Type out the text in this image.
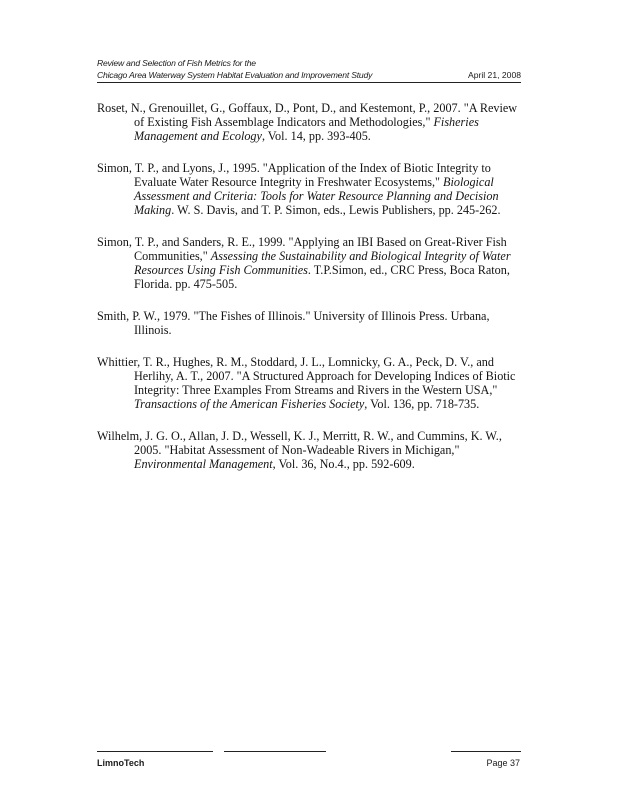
Review and Selection of Fish Metrics for the
Chicago Area Waterway System Habitat Evaluation and Improvement Study	April 21, 2008

Roset, N., Grenouillet, G., Goffaux, D., Pont, D., and Kestemont, P., 2007. "A Review of Existing Fish Assemblage Indicators and Methodologies," Fisheries Management and Ecology, Vol. 14, pp. 393-405.

Simon, T. P., and Lyons, J., 1995. "Application of the Index of Biotic Integrity to Evaluate Water Resource Integrity in Freshwater Ecosystems," Biological Assessment and Criteria: Tools for Water Resource Planning and Decision Making. W. S. Davis, and T. P. Simon, eds., Lewis Publishers, pp. 245-262.

Simon, T. P., and Sanders, R. E., 1999. "Applying an IBI Based on Great-River Fish Communities," Assessing the Sustainability and Biological Integrity of Water Resources Using Fish Communities. T.P.Simon, ed., CRC Press, Boca Raton, Florida. pp. 475-505.

Smith, P. W., 1979. "The Fishes of Illinois." University of Illinois Press. Urbana, Illinois.

Whittier, T. R., Hughes, R. M., Stoddard, J. L., Lomnicky, G. A., Peck, D. V., and Herlihy, A. T., 2007. "A Structured Approach for Developing Indices of Biotic Integrity: Three Examples From Streams and Rivers in the Western USA," Transactions of the American Fisheries Society, Vol. 136, pp. 718-735.

Wilhelm, J. G. O., Allan, J. D., Wessell, K. J., Merritt, R. W., and Cummins, K. W., 2005. "Habitat Assessment of Non-Wadeable Rivers in Michigan," Environmental Management, Vol. 36, No.4., pp. 592-609.

LimnoTech	Page 37
